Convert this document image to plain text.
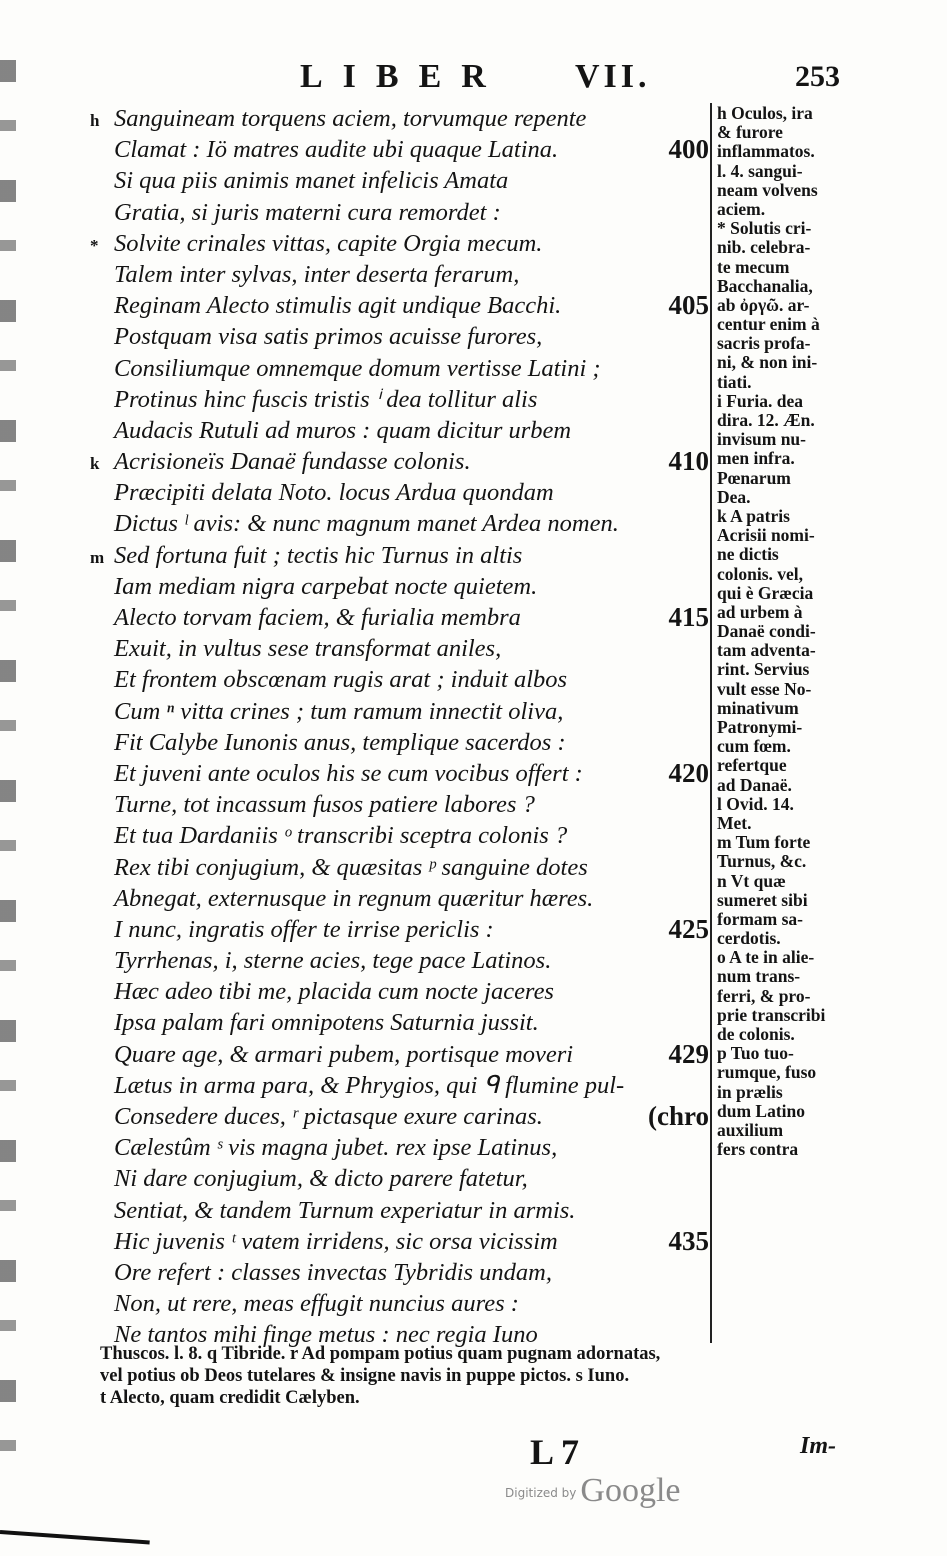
LIBER VII.	253
h Sanguineam torquens aciem, torvumque repente
Clamat : Iö matres audite ubi quaque Latina.	400
Si qua piis animis manet infelicis Amata
Gratia, si juris materni cura remordet :
* Solvite crinales vittas, capite Orgia mecum.
Talem inter sylvas, inter deserta ferarum,
Reginam Alecto stimulis agit undique Bacchi.	405
Postquam visa satis primos acuisse furores,
Consiliumque omnemque domum vertisse Latini ;
Protinus hinc fuscis tristis ⁱ dea tollitur alis
Audacis Rutuli ad muros : quam dicitur urbem
k Acrisioneïs Danaë fundasse colonis.	410
Præcipiti delata Noto. locus Ardua quondam
Dictus ˡ avis: & nunc magnum manet Ardea nomen.
m Sed fortuna fuit ; tectis hic Turnus in altis
Iam mediam nigra carpebat nocte quietem.
Alecto torvam faciem, & furialia membra	415
Exuit, in vultus sese transformat aniles,
Et frontem obscœnam rugis arat ; induit albos
Cum ⁿ vitta crines ; tum ramum innectit oliva,
Fit Calybe Iunonis anus, templique sacerdos :
Et juveni ante oculos his se cum vocibus offert :	420
Turne, tot incassum fusos patiere labores ?
Et tua Dardaniis ᵒ transcribi sceptra colonis ?
Rex tibi conjugium, & quæsitas ᵖ sanguine dotes
Abnegat, externusque in regnum quæritur hæres.
I nunc, ingratis offer te irrise periclis :	425
Tyrrhenas, i, sterne acies, tege pace Latinos.
Hæc adeo tibi me, placida cum nocte jaceres
Ipsa palam fari omnipotens Saturnia jussit.
Quare age, & armari pubem, portisque moveri	429
Lætus in arma para, & Phrygios, qui ᑫ flumine pul-
Consedere duces, ʳ pictasque exure carinas.	(chro
Cælestûm ˢ vis magna jubet. rex ipse Latinus,
Ni dare conjugium, & dicto parere fatetur,
Sentiat, & tandem Turnum experiatur in armis.
Hic juvenis ᵗ vatem irridens, sic orsa vicissim	435
Ore refert : classes invectas Tybridis undam,
Non, ut rere, meas effugit nuncius aures :
Ne tantos mihi finge metus : nec regia Iuno
h Oculos, ira
& furore
inflammatos.
l. 4. sangui-
neam volvens
aciem.
* Solutis cri-
nib. celebra-
te mecum
Bacchanalia,
ab ὀργῶ. ar-
centur enim à
sacris profa-
ni, & non ini-
tiati.
i Furia. dea
dira. 12. Æn.
invisum nu-
men infra.
Pœnarum
Dea.
k A patris
Acrisii nomi-
ne dictis
colonis. vel,
qui è Græcia
ad urbem à
Danaë condi-
tam adventa-
rint. Servius
vult esse No-
minativum
Patronymi-
cum fœm.
refertque
ad Danaë.
l Ovid. 14.
Met.
m Tum forte
Turnus, &c.
n Vt quæ
sumeret sibi
formam sa-
cerdotis.
o A te in alie-
num trans-
ferri, & pro-
prie transcribi
de colonis.
p Tuo tuo-
rumque, fuso
in prælis
dum Latino
auxilium
fers contra
Thuscos. l. 8. q Tibride. r Ad pompam potius quam pugnam adornatas,
vel potius ob Deos tutelares & insigne navis in puppe pictos. s Iuno.
t Alecto, quam credidit Cælyben.
L 7	Im-
$^{Digitized by}$ Google
